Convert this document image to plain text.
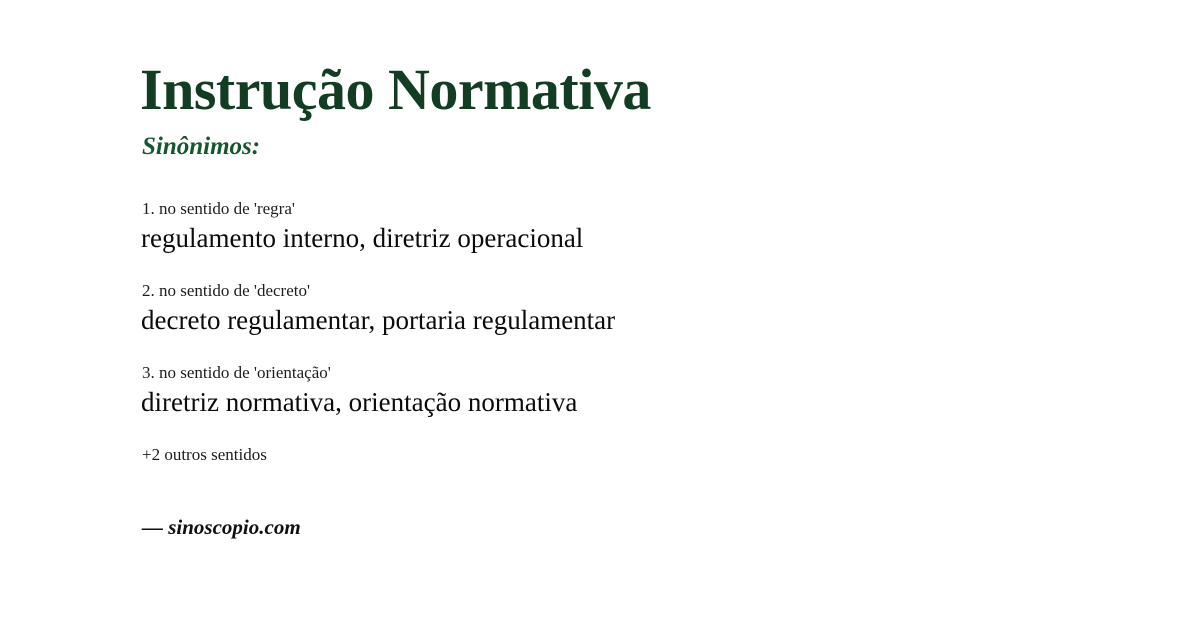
Instrução Normativa
Sinônimos:

1. no sentido de 'regra'

regulamento interno, diretriz operacional

2. no sentido de 'decreto'

decreto regulamentar, portaria regulamentar

3. no sentido de 'orientação'

diretriz normativa, orientação normativa

+2 outros sentidos

— sinoscopio.com
